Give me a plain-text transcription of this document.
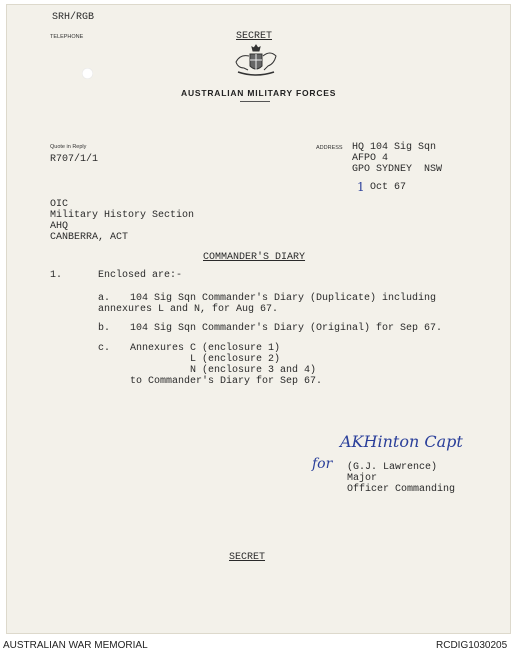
SRH/RGB
TELEPHONE	SECRET
AUSTRALIAN MILITARY FORCES
Quote in Reply
R707/1/1
ADDRESS HQ 104 Sig Sqn
AFPO 4
GPO SYDNEY  NSW
1 Oct 67
OIC
Military History Section
AHQ
CANBERRA, ACT
COMMANDER'S DIARY
1.	Enclosed are:-
a. 104 Sig Sqn Commander's Diary (Duplicate) including
annexures L and N, for Aug 67.
b. 104 Sig Sqn Commander's Diary (Original) for Sep 67.
c. Annexures C (enclosure 1)
L (enclosure 2)
N (enclosure 3 and 4)
to Commander's Diary for Sep 67.
for
AKHinton Capt
(G.J. Lawrence)
Major
Officer Commanding
SECRET
AUSTRALIAN WAR MEMORIAL	RCDIG1030205
